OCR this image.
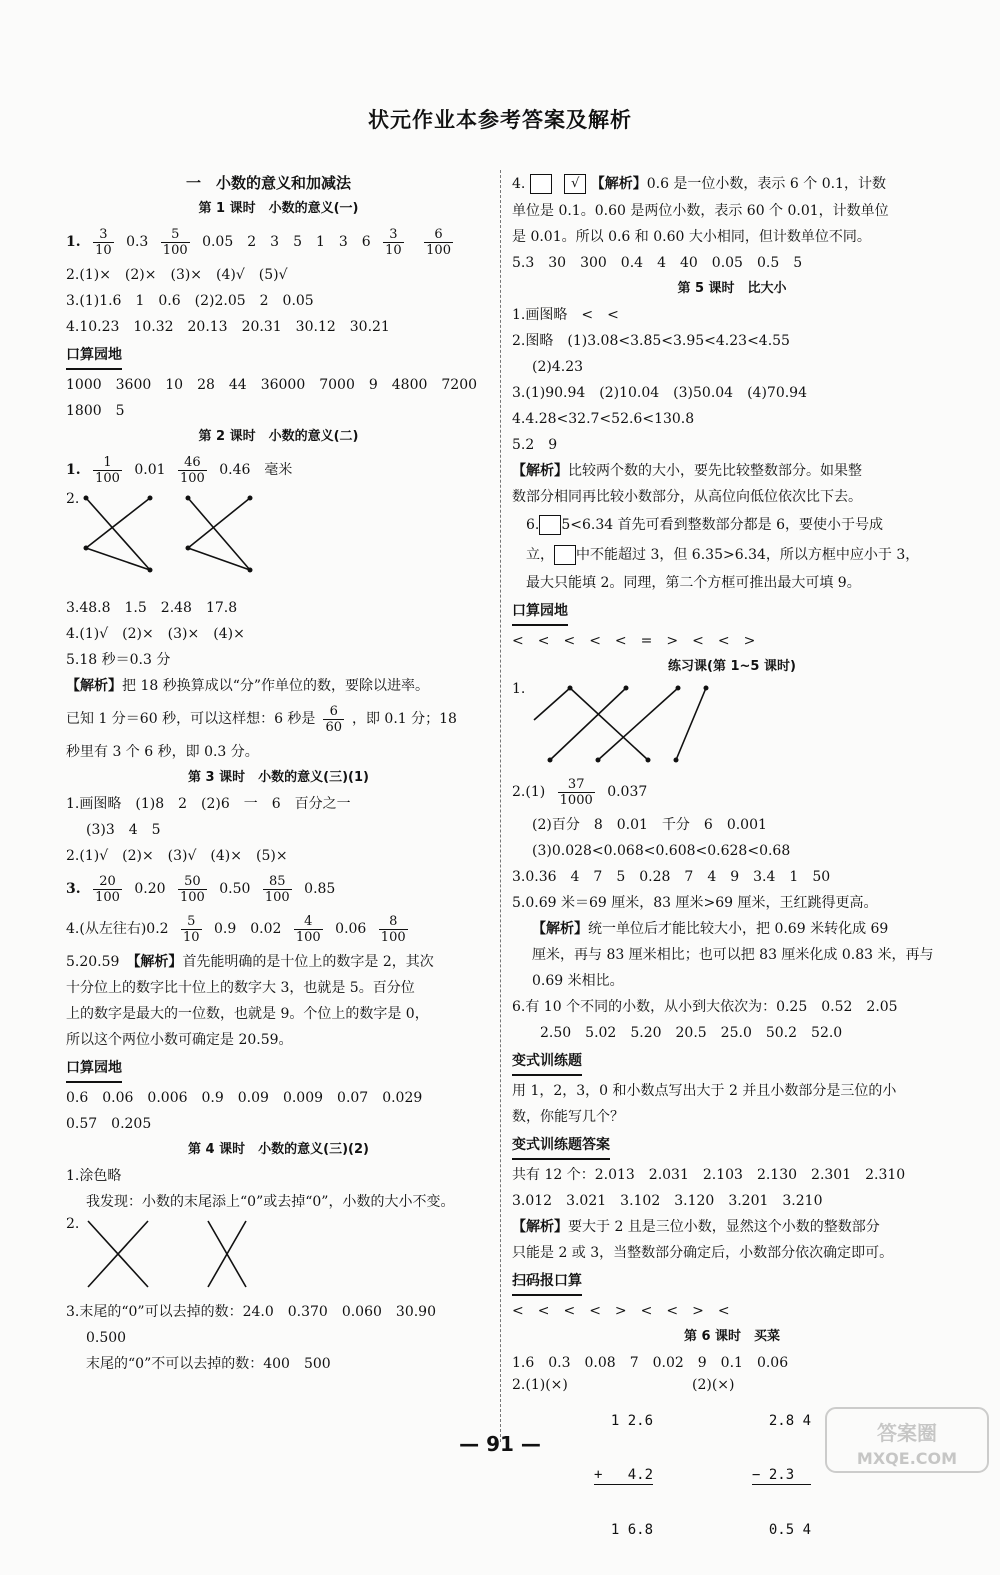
状元作业本参考答案及解析
一　小数的意义和加减法
第 1 课时　小数的意义(一)
1. $\frac{3}{10} 0.3 \frac{5}{100} 0.05$　2　3　5　1　3　$6 \frac{3}{10}$
$\frac{6}{100}$
2.(1)×　(2)×　(3)×　(4)√　(5)√
3.(1)1.6　1　0.6　(2)2.05　2　0.05
4.10.23　10.32　20.13　20.31　30.12　30.21
口算园地
1000　3600　10　28　44　36000　7000　9　4800　7200
1800　5
第 2 课时　小数的意义(二)
1. $\frac{1}{100} 0.01 \frac{46}{100} 0.46$　毫米
2.
3.48.8　1.5　2.48　17.8
4.(1)√　(2)×　(3)×　(4)×
5.18 秒＝0.3 分
【解析】把 18 秒换算成以“分”作单位的数，要除以进率。
已知 1 分＝60 秒，可以这样想：6 秒是 $\frac{6}{60}$ ，即 0.1 分；18
秒里有 3 个 6 秒，即 0.3 分。
第 3 课时　小数的意义(三)(1)
1.画图略　(1)8　2　(2)6　一　6　百分之一
(3)3　4　5
2.(1)√　(2)×　(3)√　(4)×　(5)×
3. $\frac{20}{100} 0.20 \frac{50}{100} 0.50 \frac{85}{100} 0.85$
4.(从左往右)$0.2 \frac{5}{10} 0.9$　$0.02 \frac{4}{100} 0.06 \frac{8}{100}$
5.20.59　 【解析】首先能明确的是十位上的数字是 2，其次
十分位上的数字比十位上的数字大 3，也就是 5。百分位
上的数字是最大的一位数，也就是 9。个位上的数字是 0，
所以这个两位小数可确定是 20.59。
口算园地
0.6　0.06　0.006　0.9　0.09　0.009　0.07　0.029
0.57　0.205
第 4 课时　小数的意义(三)(2)
1.涂色略
我发现：小数的末尾添上“0”或去掉“0”，小数的大小不变。
2.
3.末尾的“0”可以去掉的数：24.0　0.370　0.060　30.90
0.500
末尾的“0”不可以去掉的数：400　500
4.	√ 【解析】0.6 是一位小数，表示 6 个 0.1，计数
单位是 0.1。0.60 是两位小数，表示 60 个 0.01，计数单位
是 0.01。所以 0.6 和 0.60 大小相同，但计数单位不同。
5.3　30　300　0.4　4　40　0.05　0.5　5
第 5 课时　比大小
1.画图略　<　<
2.图略　(1)3.08<3.85<3.95<4.23<4.55
(2)4.23
3.(1)90.94　(2)10.04　(3)50.04　(4)70.94
4.4.28<32.7<52.6<130.8
5.2　9
【解析】比较两个数的大小，要先比较整数部分。如果整
数部分相同再比较小数部分，从高位向低位依次比下去。
6. 5<6.34 首先可看到整数部分都是 6，要使小于号成
立， 中不能超过 3，但 6.35>6.34，所以方框中应小于 3，
最大只能填 2。同理，第二个方框可推出最大可填 9。
口算园地
<　<　<　<　<　=　>　<　<　>
练习课(第 1~5 课时)
1.
$2.(1) \frac{37}{1000} 0.037$
(2)百分　8　0.01　千分　6　0.001
(3)0.028<0.068<0.608<0.628<0.68
3.0.36　4　7　5　0.28　7　4　9　3.4　1　50
5.0.69 米＝69 厘米，83 厘米>69 厘米，王红跳得更高。
【解析】统一单位后才能比较大小，把 0.69 米转化成 69
厘米，再与 83 厘米相比；也可以把 83 厘米化成 0.83 米，再与
0.69 米相比。
6.有 10 个不同的小数，从小到大依次为：0.25　0.52　2.05
2.50　5.02　5.20　20.5　25.0　50.2　52.0
变式训练题
用 1，2，3，0 和小数点写出大于 2 并且小数部分是三位的小
数，你能写几个？
变式训练题答案
共有 12 个：2.013　2.031　2.103　2.130　2.301　2.310
3.012　3.021　3.102　3.120　3.201　3.210
【解析】要大于 2 且是三位小数，显然这个小数的整数部分
只能是 2 或 3，当整数部分确定后，小数部分依次确定即可。
扫码报口算
<　<　<　<　>　<　<　>　<
第 6 课时　买菜
1.6　0.3　0.08　7　0.02　9　0.1　0.06
2.(1)(×)

1 2.6

+   4.2

1 6.8

(2)(×)

2.8 4

− 2.3

0.5 4

— 91 —	答案圈
MXQE.COM
